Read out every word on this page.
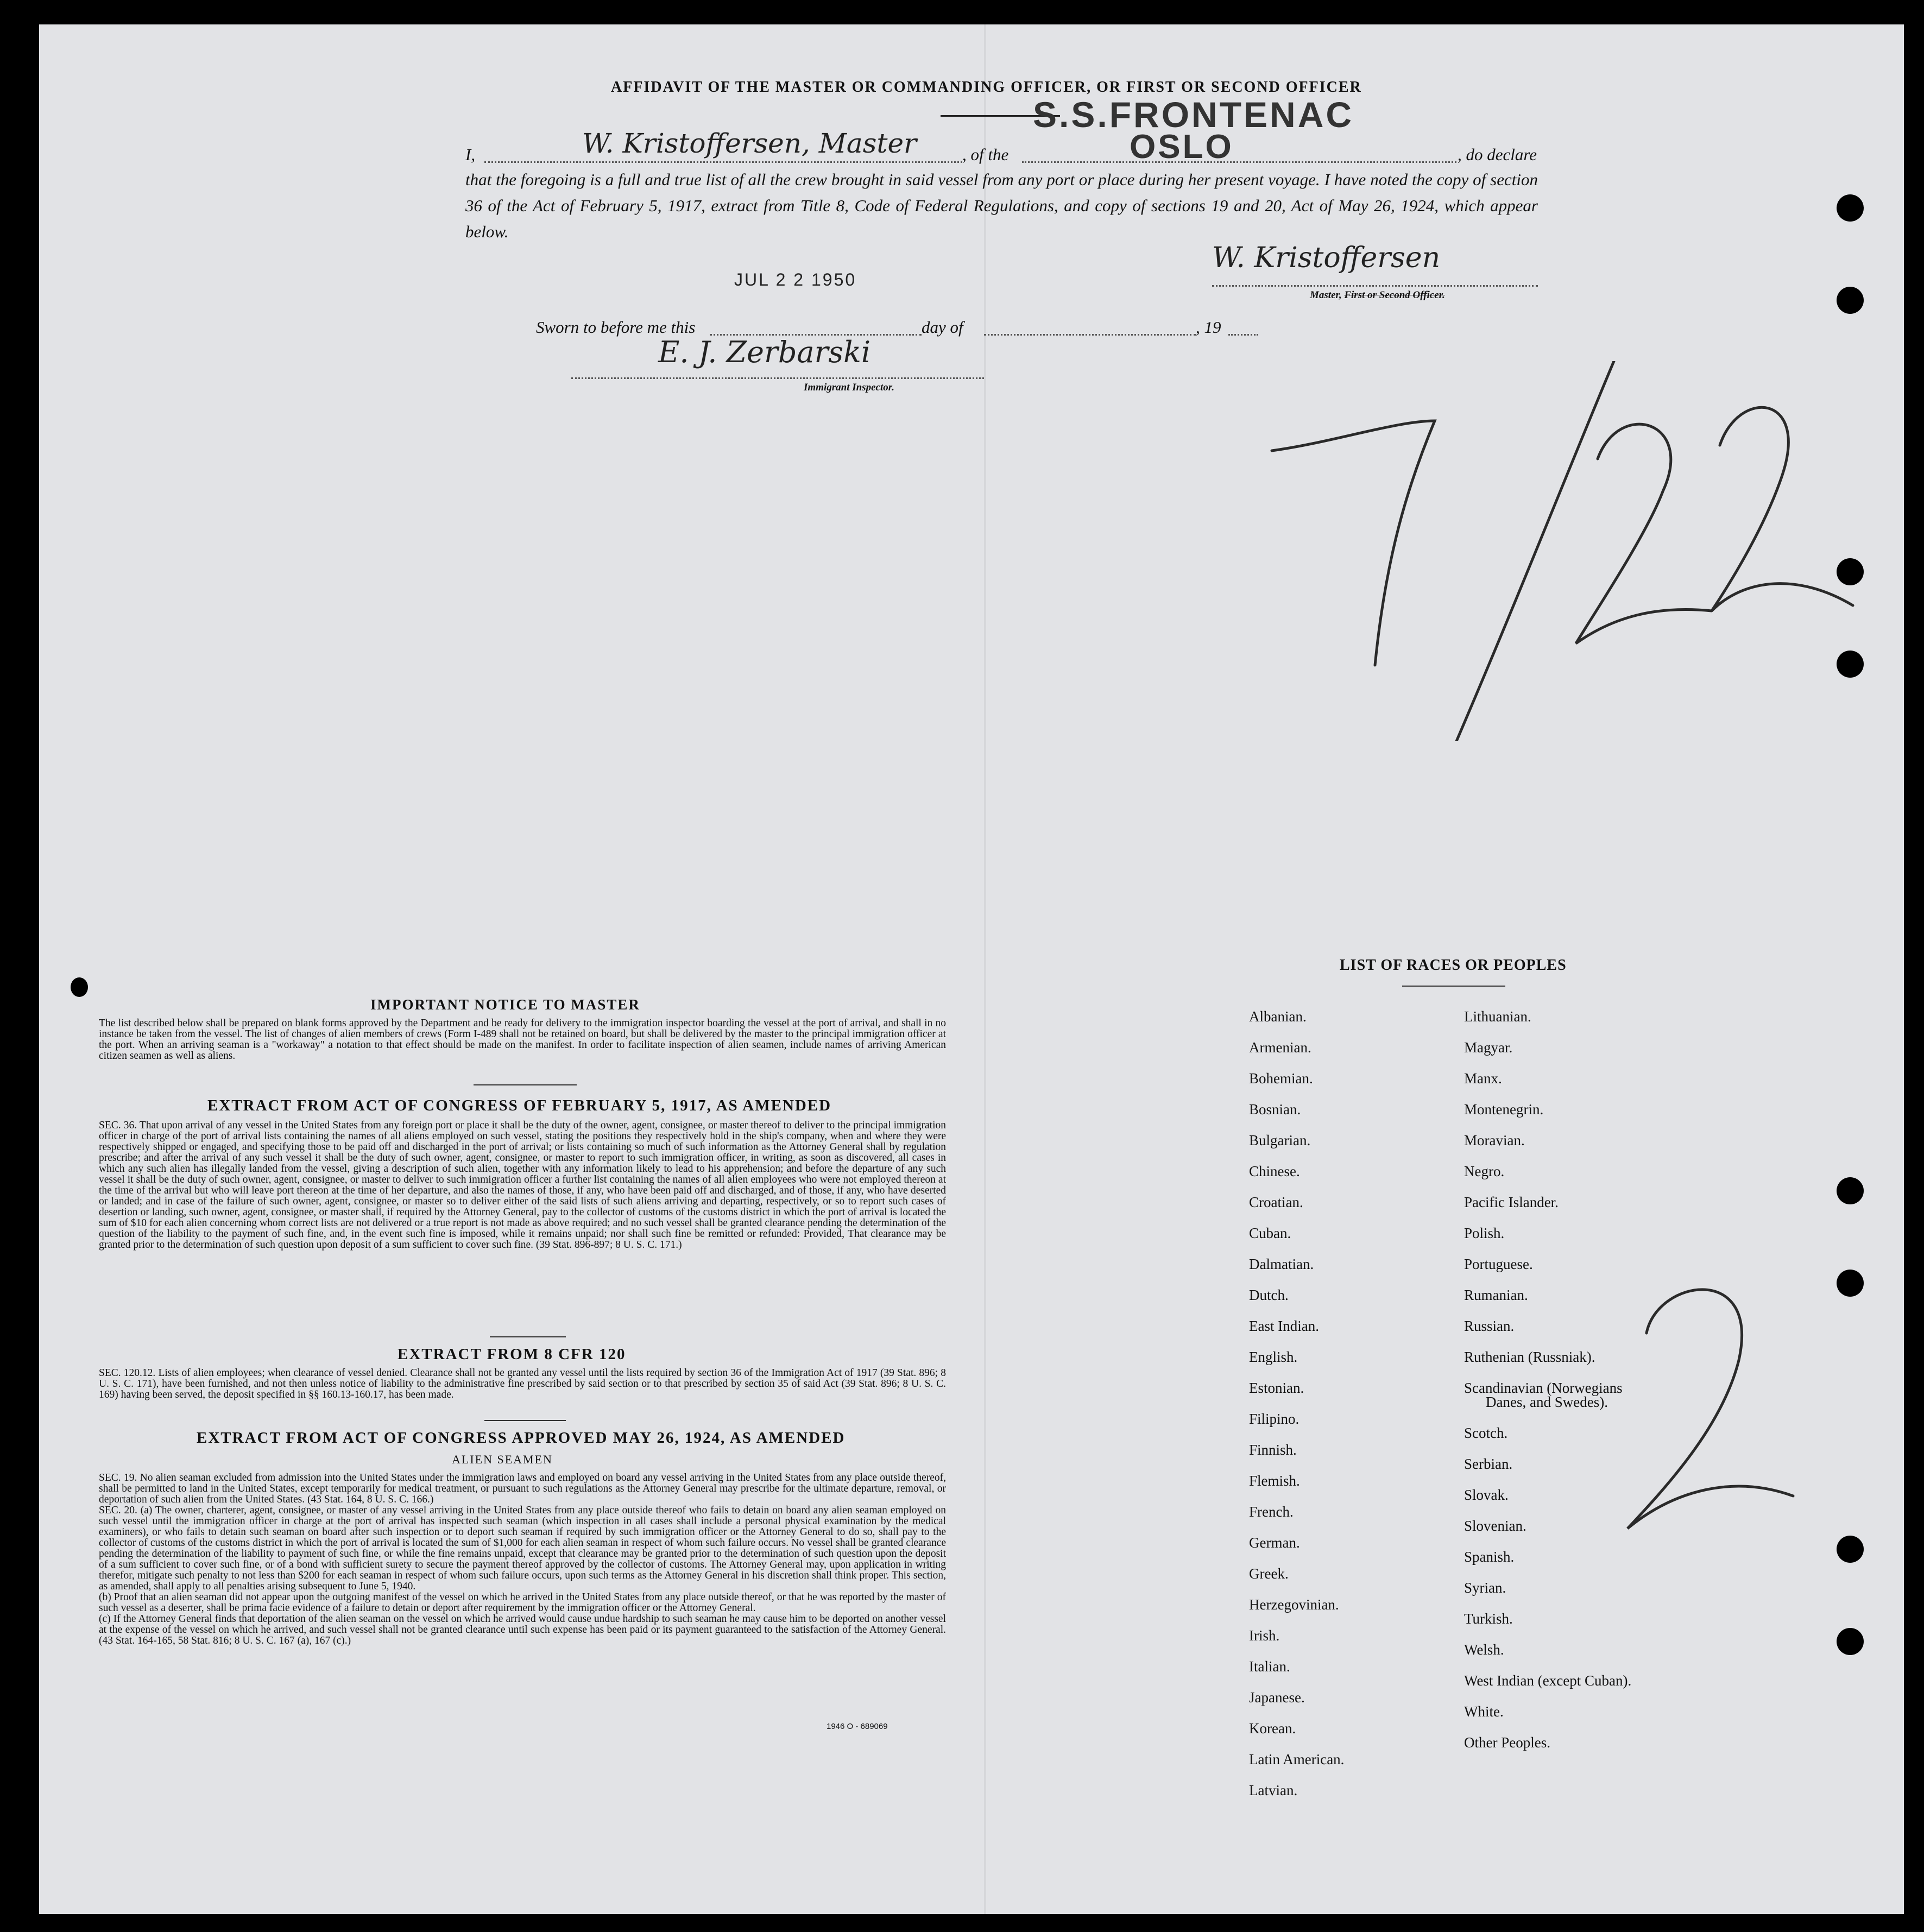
AFFIDAVIT OF THE MASTER OR COMMANDING OFFICER, OR FIRST OR SECOND OFFICER
S.S.FRONTENAC
OSLO
I,	W. Kristoffersen, Master	, of the	, do declare
that the foregoing is a full and true list of all the crew brought in said vessel from any port or place during her present voyage. I have noted the copy of section 36 of the Act of February 5, 1917, extract from Title 8, Code of Federal Regulations, and copy of sections 19 and 20, Act of May 26, 1924, which appear below.
W. Kristoffersen
Master, First or Second Officer.
JUL 2 2 1950
Sworn to before me this	day of	, 19
E. J. Zerbarski
Immigrant Inspector.
7/22
2
IMPORTANT NOTICE TO MASTER
The list described below shall be prepared on blank forms approved by the Department and be ready for delivery to the immigration inspector boarding the vessel at the port of arrival, and shall in no instance be taken from the vessel. The list of changes of alien members of crews (Form I-489 shall not be retained on board, but shall be delivered by the master to the principal immigration officer at the port. When an arriving seaman is a "workaway" a notation to that effect should be made on the manifest. In order to facilitate inspection of alien seamen, include names of arriving American citizen seamen as well as aliens.
EXTRACT FROM ACT OF CONGRESS OF FEBRUARY 5, 1917, AS AMENDED
SEC. 36. That upon arrival of any vessel in the United States from any foreign port or place it shall be the duty of the owner, agent, consignee, or master thereof to deliver to the principal immigration officer in charge of the port of arrival lists containing the names of all aliens employed on such vessel, stating the positions they respectively hold in the ship's company, when and where they were respectively shipped or engaged, and specifying those to be paid off and discharged in the port of arrival; or lists containing so much of such information as the Attorney General shall by regulation prescribe; and after the arrival of any such vessel it shall be the duty of such owner, agent, consignee, or master to report to such immigration officer, in writing, as soon as discovered, all cases in which any such alien has illegally landed from the vessel, giving a description of such alien, together with any information likely to lead to his apprehension; and before the departure of any such vessel it shall be the duty of such owner, agent, consignee, or master to deliver to such immigration officer a further list containing the names of all alien employees who were not employed thereon at the time of the arrival but who will leave port thereon at the time of her departure, and also the names of those, if any, who have been paid off and discharged, and of those, if any, who have deserted or landed; and in case of the failure of such owner, agent, consignee, or master so to deliver either of the said lists of such aliens arriving and departing, respectively, or so to report such cases of desertion or landing, such owner, agent, consignee, or master shall, if required by the Attorney General, pay to the collector of customs of the customs district in which the port of arrival is located the sum of $10 for each alien concerning whom correct lists are not delivered or a true report is not made as above required; and no such vessel shall be granted clearance pending the determination of the question of the liability to the payment of such fine, and, in the event such fine is imposed, while it remains unpaid; nor shall such fine be remitted or refunded: Provided, That clearance may be granted prior to the determination of such question upon deposit of a sum sufficient to cover such fine. (39 Stat. 896-897; 8 U. S. C. 171.)
EXTRACT FROM 8 CFR 120
SEC. 120.12. Lists of alien employees; when clearance of vessel denied. Clearance shall not be granted any vessel until the lists required by section 36 of the Immigration Act of 1917 (39 Stat. 896; 8 U. S. C. 171), have been furnished, and not then unless notice of liability to the administrative fine prescribed by said section or to that prescribed by section 35 of said Act (39 Stat. 896; 8 U. S. C. 169) having been served, the deposit specified in §§ 160.13-160.17, has been made.
EXTRACT FROM ACT OF CONGRESS APPROVED MAY 26, 1924, AS AMENDED
ALIEN SEAMEN

SEC. 19. No alien seaman excluded from admission into the United States under the immigration laws and employed on board any vessel arriving in the United States from any place outside thereof, shall be permitted to land in the United States, except temporarily for medical treatment, or pursuant to such regulations as the Attorney General may prescribe for the ultimate departure, removal, or deportation of such alien from the United States. (43 Stat. 164, 8 U. S. C. 166.)

SEC. 20. (a) The owner, charterer, agent, consignee, or master of any vessel arriving in the United States from any place outside thereof who fails to detain on board any alien seaman employed on such vessel until the immigration officer in charge at the port of arrival has inspected such seaman (which inspection in all cases shall include a personal physical examination by the medical examiners), or who fails to detain such seaman on board after such inspection or to deport such seaman if required by such immigration officer or the Attorney General to do so, shall pay to the collector of customs of the customs district in which the port of arrival is located the sum of $1,000 for each alien seaman in respect of whom such failure occurs. No vessel shall be granted clearance pending the determination of the liability to payment of such fine, or while the fine remains unpaid, except that clearance may be granted prior to the determination of such question upon the deposit of a sum sufficient to cover such fine, or of a bond with sufficient surety to secure the payment thereof approved by the collector of customs. The Attorney General may, upon application in writing therefor, mitigate such penalty to not less than $200 for each seaman in respect of whom such failure occurs, upon such terms as the Attorney General in his discretion shall think proper. This section, as amended, shall apply to all penalties arising subsequent to June 5, 1940.

(b) Proof that an alien seaman did not appear upon the outgoing manifest of the vessel on which he arrived in the United States from any place outside thereof, or that he was reported by the master of such vessel as a deserter, shall be prima facie evidence of a failure to detain or deport after requirement by the immigration officer or the Attorney General.

(c) If the Attorney General finds that deportation of the alien seaman on the vessel on which he arrived would cause undue hardship to such seaman he may cause him to be deported on another vessel at the expense of the vessel on which he arrived, and such vessel shall not be granted clearance until such expense has been paid or its payment guaranteed to the satisfaction of the Attorney General. (43 Stat. 164-165, 58 Stat. 816; 8 U. S. C. 167 (a), 167 (c).)

1946 O - 689069
LIST OF RACES OR PEOPLES
Albanian.
Armenian.
Bohemian.
Bosnian.
Bulgarian.
Chinese.
Croatian.
Cuban.
Dalmatian.
Dutch.
East Indian.
English.
Estonian.
Filipino.
Finnish.
Flemish.
French.
German.
Greek.
Herzegovinian.
Irish.
Italian.
Japanese.
Korean.
Latin American.
Latvian.
Lithuanian.
Magyar.
Manx.
Montenegrin.
Moravian.
Negro.
Pacific Islander.
Polish.
Portuguese.
Rumanian.
Russian.
Ruthenian (Russniak).
Scandinavian (Norwegians
Danes, and Swedes).
Scotch.
Serbian.
Slovak.
Slovenian.
Spanish.
Syrian.
Turkish.
Welsh.
West Indian (except Cuban).
White.
Other Peoples.
